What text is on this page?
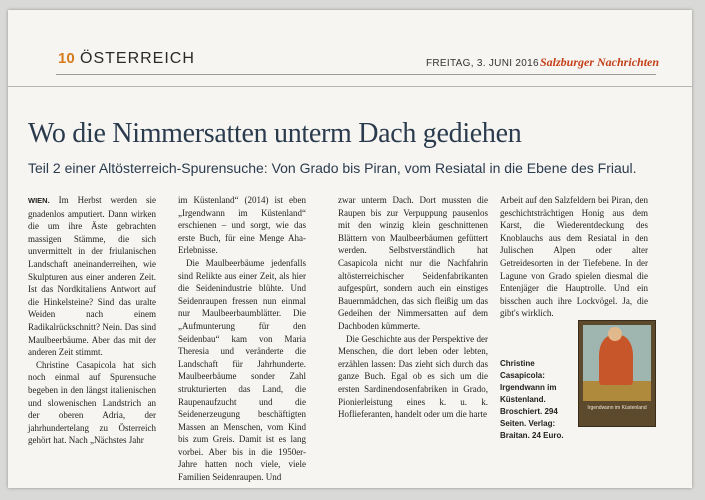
10 ÖSTERREICH	FREITAG, 3. JUNI 2016 Salzburger Nachrichten
Wo die Nimmersatten unterm Dach gediehen
Teil 2 einer Altösterreich-Spurensuche: Von Grado bis Piran, vom Resiatal in die Ebene des Friaul.

WIEN. Im Herbst werden sie gnadenlos amputiert. Dann wirken die um ihre Äste gebrachten massigen Stämme, die sich unvermittelt in der friulanischen Landschaft aneinanderreihen, wie Skulpturen aus einer anderen Zeit. Ist das Nordkitaliens Antwort auf die Hinkelsteine? Sind das uralte Weiden nach einem Radikalrückschnitt? Nein. Das sind Maulbeerbäume. Aber das mit der anderen Zeit stimmt.

Christine Casapicola hat sich noch einmal auf Spurensuche begeben in den längst italienischen und slowenischen Landstrich an der oberen Adria, der jahrhundertelang zu Österreich gehört hat. Nach „Nächstes Jahr

im Küstenland“ (2014) ist eben „Irgendwann im Küstenland“ erschienen – und sorgt, wie das erste Buch, für eine Menge Aha-Erlebnisse.

Die Maulbeerbäume jedenfalls sind Relikte aus einer Zeit, als hier die Seidenindustrie blühte. Und Seidenraupen fressen nun einmal nur Maulbeerbaumblätter. Die „Aufmunterung für den Seidenbau“ kam von Maria Theresia und veränderte die Landschaft für Jahrhunderte. Maulbeerbäume sonder Zahl strukturierten das Land, die Raupenaufzucht und die Seidenerzeugung beschäftigten Massen an Menschen, vom Kind bis zum Greis. Damit ist es lang vorbei. Aber bis in die 1950er-Jahre hatten noch viele, viele Familien Seidenraupen. Und

zwar unterm Dach. Dort mussten die Raupen bis zur Verpuppung pausenlos mit den winzig klein geschnittenen Blättern von Maulbeerbäumen gefüttert werden. Selbstverständlich hat Casapicola nicht nur die Nachfahrin altösterreichischer Seidenfabrikanten aufgespürt, sondern auch ein einstiges Bauernmädchen, das sich fleißig um das Gedeihen der Nimmersatten auf dem Dachboden kümmerte.

Die Geschichte aus der Perspektive der Menschen, die dort leben oder lebten, erzählen lassen: Das zieht sich durch das ganze Buch. Egal ob es sich um die ersten Sardinendosenfabriken in Grado, Pionierleistung eines k. u. k. Hoflieferanten, handelt oder um die harte

Arbeit auf den Salzfeldern bei Piran, den geschichtsträchtigen Honig aus dem Karst, die Wiederentdeckung des Knoblauchs aus dem Resiatal in den Julischen Alpen oder alter Getreidesorten in der Tiefebene. In der Lagune von Grado spielen diesmal die Entenjäger die Hauptrolle. Und ein bisschen auch ihre Lockvögel. Ja, die gibt's wirklich.

Christine Casapicola: Irgendwann im Küstenland. Broschiert. 294 Seiten. Verlag: Braitan. 24 Euro.
Irgendwann im Küstenland
